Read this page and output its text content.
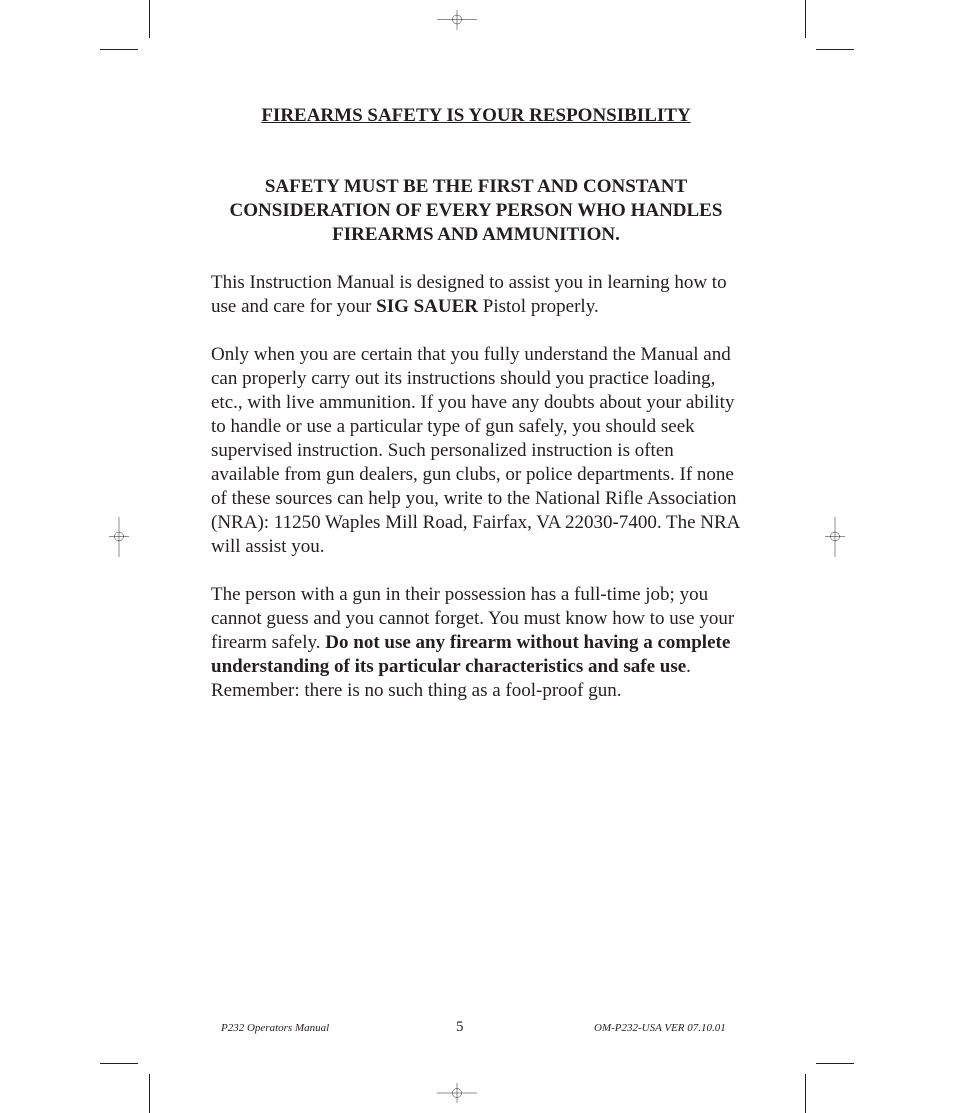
FIREARMS SAFETY IS YOUR RESPONSIBILITY
SAFETY MUST BE THE FIRST AND CONSTANT
CONSIDERATION OF EVERY PERSON WHO HANDLES
FIREARMS AND AMMUNITION.

This Instruction Manual is designed to assist you in learning how to use and care for your SIG SAUER Pistol properly.

Only when you are certain that you fully understand the Manual and can properly carry out its instructions should you practice loading, etc., with live ammunition. If you have any doubts about your ability to handle or use a particular type of gun safely, you should seek supervised instruction. Such personalized instruction is often available from gun dealers, gun clubs, or police departments. If none of these sources can help you, write to the National Rifle Association (NRA): 11250 Waples Mill Road, Fairfax, VA 22030-7400. The NRA will assist you.

The person with a gun in their possession has a full-time job; you cannot guess and you cannot forget. You must know how to use your firearm safely. Do not use any firearm without having a complete understanding of its particular characteristics and safe use. Remember: there is no such thing as a fool-proof gun.

P232 Operators Manual	5	OM-P232-USA VER 07.10.01
